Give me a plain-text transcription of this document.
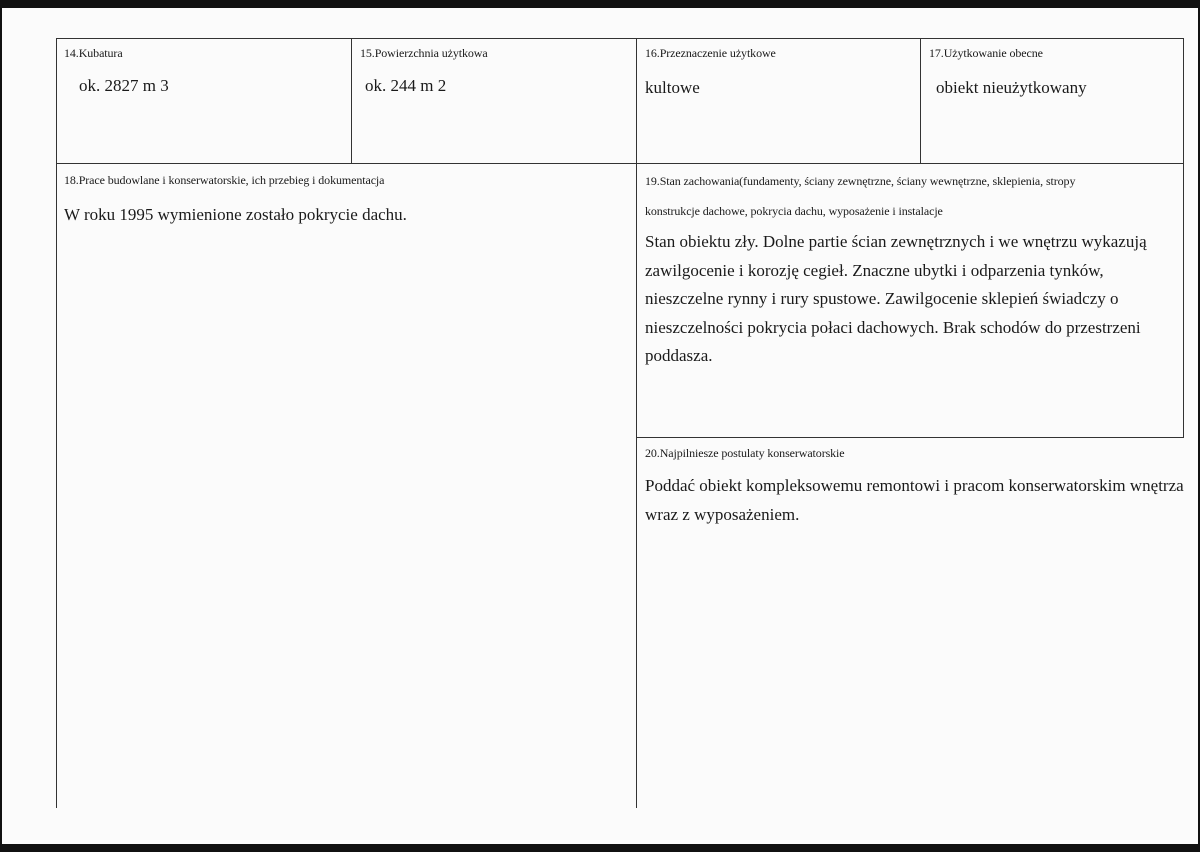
14.Kubatura
ok. 2827 m 3
15.Powierzchnia użytkowa
ok. 244 m 2
16.Przeznaczenie użytkowe
kultowe
17.Użytkowanie obecne
obiekt nieużytkowany
18.Prace budowlane i konserwatorskie, ich przebieg i dokumentacja
W roku 1995 wymienione zostało pokrycie dachu.
19.Stan zachowania(fundamenty, ściany zewnętrzne, ściany wewnętrzne, sklepienia, stropy
konstrukcje dachowe, pokrycia dachu, wyposażenie i instalacje
Stan obiektu zły. Dolne partie ścian zewnętrznych i we wnętrzu wykazują
zawilgocenie i korozję cegieł. Znaczne ubytki i odparzenia tynków,
nieszczelne rynny i rury spustowe. Zawilgocenie sklepień świadczy o
nieszczelności pokrycia połaci dachowych. Brak schodów do przestrzeni
poddasza.
20.Najpilniesze postulaty konserwatorskie
Poddać obiekt kompleksowemu remontowi i pracom konserwatorskim wnętrza
wraz z wyposażeniem.
